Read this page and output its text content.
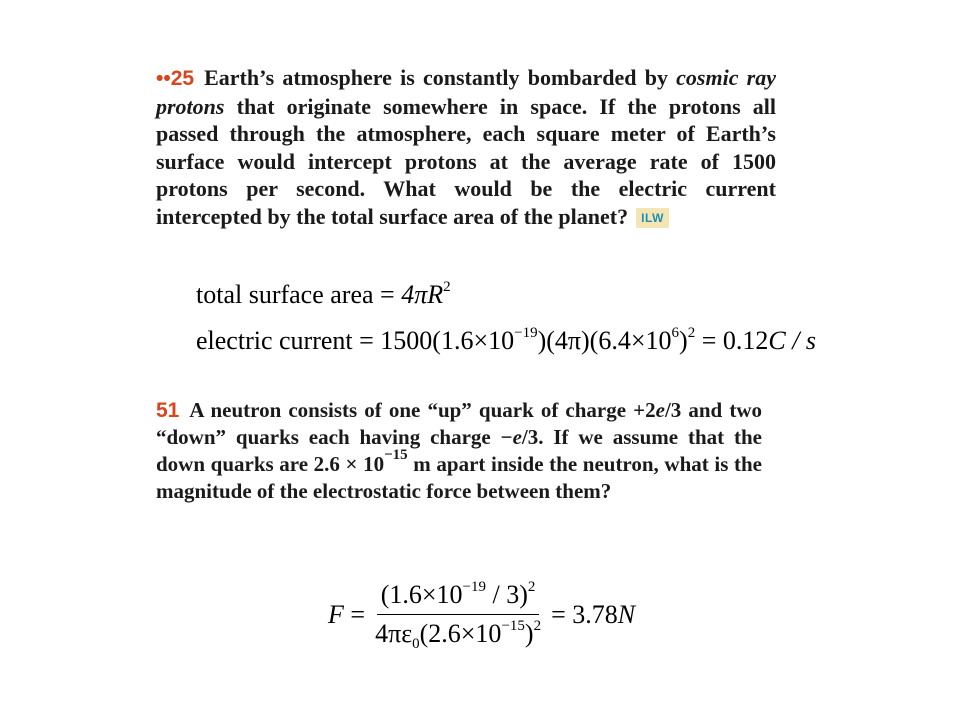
••25 Earth’s atmosphere is constantly bombarded by cosmic ray protons that originate somewhere in space. If the protons all passed through the atmosphere, each square meter of Earth’s surface would intercept protons at the average rate of 1500 protons per second. What would be the electric current intercepted by the total surface area of the planet? ILW
total surface area = $4\pi R^2$
electric current = $1500(1.6\times 10^{-19})(4\pi)(6.4\times 10^6)^2 = 0.12C / s$
51 A neutron consists of one “up” quark of charge +2e/3 and two “down” quarks each having charge −e/3. If we assume that the down quarks are $2.6 \times 10^{-15}$ m apart inside the neutron, what is the magnitude of the electrostatic force between them?
$F = \frac{(1.6\times 10^{-19} / 3)^2}{4\pi\varepsilon_0(2.6\times 10^{-15})^2} = 3.78$ N
